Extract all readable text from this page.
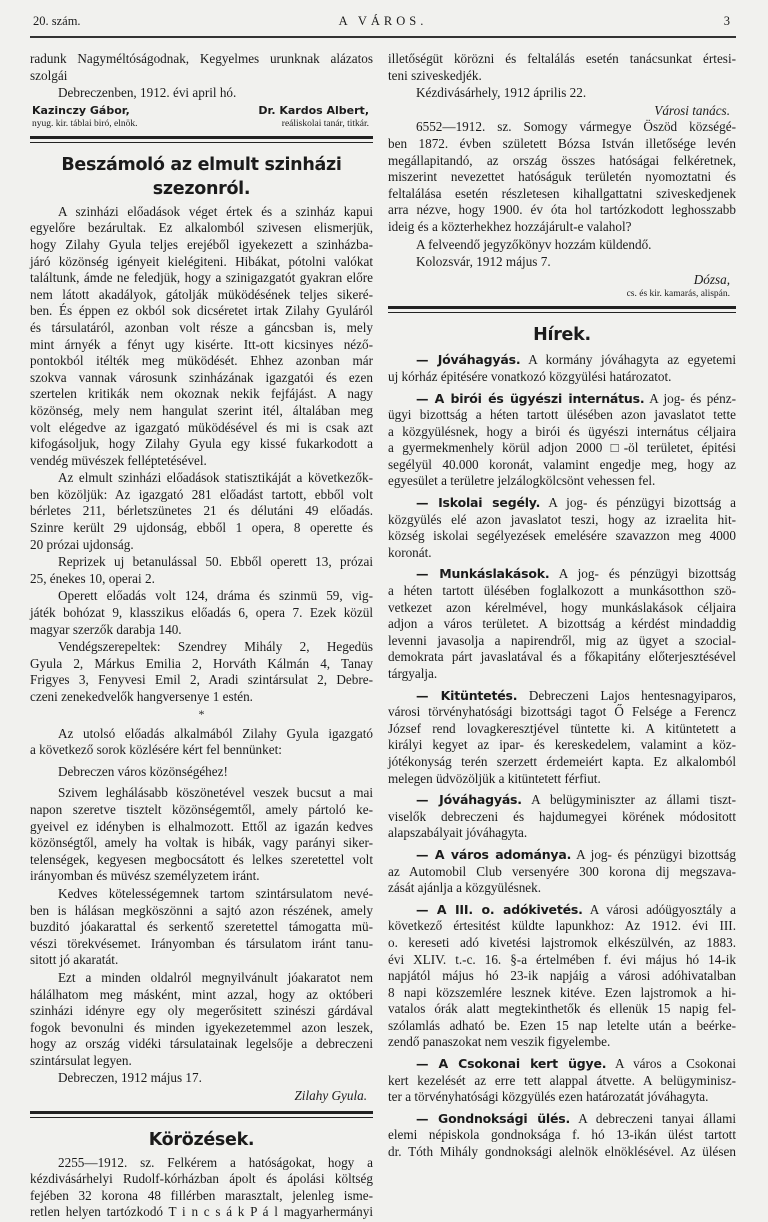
20. szám.	A VÁROS.	3
radunk Nagyméltóságodnak, Kegyelmes urunknak alázatos
szolgái
Debreczenben, 1912. évi april hó.
Kazinczy Gábor,
nyug. kir. táblai biró, elnök.
Dr. Kardos Albert,
reáliskolai tanár, titkár.
Beszámoló az elmult szinházi szezonról.
A szinházi előadások véget értek és a szinház kapui
egyelőre bezárultak. Ez alkalomból szivesen elismerjük,
hogy Zilahy Gyula teljes erejéből igyekezett a szinházba-
járó közönség igényeit kielégiteni. Hibákat, pótolni valókat
találtunk, ámde ne feledjük, hogy a szinigazgatót gyakran előre
nem látott akadályok, gátolják müködésének teljes sikeré-
ben. És éppen ez okból sok dicséretet irtak Zilahy Gyuláról
és társulatáról, azonban volt része a gáncsban is, mely
mint árnyék a fényt ugy kisérte. Itt-ott kicsinyes néző-
pontokból itélték meg müködését. Ehhez azonban már
szokva vannak városunk szinházának igazgatói és ezen
szertelen kritikák nem okoznak nekik fejfájást. A nagy
közönség, mely nem hangulat szerint itél, általában meg
volt elégedve az igazgató müködésével és mi is csak azt
kifogásoljuk, hogy Zilahy Gyula egy kissé fukarkodott a
vendég müvészek felléptetésével.
Az elmult szinházi előadások statisztikáját a következők-
ben közöljük: Az igazgató 281 előadást tartott, ebből volt
bérletes 211, bérletszünetes 21 és délutáni 49 előadás.
Szinre került 29 ujdonság, ebből 1 opera, 8 operette és
20 prózai ujdonság.
Reprizek uj betanulással 50. Ebből operett 13, prózai
25, énekes 10, operai 2.
Operett előadás volt 124, dráma és szinmü 59, vig-
játék bohózat 9, klasszikus előadás 6, opera 7. Ezek közül
magyar szerzők darabja 140.
Vendégszerepeltek: Szendrey Mihály 2, Hegedüs
Gyula 2, Márkus Emilia 2, Horváth Kálmán 4, Tanay
Frigyes 3, Fenyvesi Emil 2, Aradi szintársulat 2, Debre-
czeni zenekedvelők hangversenye 1 estén.
*
Az utolsó előadás alkalmából Zilahy Gyula igazgató
a következő sorok közlésére kért fel bennünket:
Debreczen város közönségéhez!
Szivem leghálásabb köszönetével veszek bucsut a mai
napon szeretve tisztelt közönségemtől, amely pártoló ke-
gyeivel ez idényben is elhalmozott. Ettől az igazán kedves
közönségtől, amely ha voltak is hibák, vagy parányi siker-
telenségek, kegyesen megbocsátott és lelkes szeretettel volt
irányomban és müvész személyzetem iránt.
Kedves kötelességemnek tartom szintársulatom nevé-
ben is hálásan megköszönni a sajtó azon részének, amely
buzditó jóakarattal és serkentő szeretettel támogatta mü-
vészi törekvésemet. Irányomban és társulatom iránt tanu-
sitott jó akaratát.
Ezt a minden oldalról megnyilvánult jóakaratot nem
hálálhatom meg másként, mint azzal, hogy az októberi
szinházi idényre egy oly megerősitett szinészi gárdával
fogok bevonulni és minden igyekezetemmel azon leszek,
hogy az ország vidéki társulatainak legelsője a debreczeni
szintársulat legyen.
Debreczen, 1912 május 17.
Zilahy Gyula.
Körözések.
2255—1912. sz. Felkérem a hatóságokat, hogy a
kézdivásárhelyi Rudolf-kórházban ápolt és ápolási költség
fejében 32 korona 48 fillérben marasztalt, jelenleg isme-
retlen helyen tartózkodó T i n c s á k P á l magyarhermányi
illetőségüt körözni és feltalálás esetén tanácsunkat értesi-
teni sziveskedjék.
Kézdivásárhely, 1912 április 22.
Városi tanács.
6552—1912. sz. Somogy vármegye Öszöd községé-
ben 1872. évben született Bózsa István illetősége levén
megállapitandó, az ország összes hatóságai felkéretnek,
miszerint nevezettet hatóságuk területén nyomoztatni és
feltalálása esetén részletesen kihallgattatni sziveskedjenek
arra nézve, hogy 1900. év óta hol tartózkodott leghosszabb
ideig és a közterhekhez hozzájárult-e valahol?
A felveendő jegyzőkönyv hozzám küldendő.
Kolozsvár, 1912 május 7.
Dózsa,
cs. és kir. kamarás, alispán.
Hírek.
— Jóváhagyás. A kormány jóváhagyta az egyetemi
uj kórház épitésére vonatkozó közgyülési határozatot.
— A birói és ügyészi internátus. A jog- és pénz-
ügyi bizottság a héten tartott ülésében azon javaslatot tette
a közgyülésnek, hogy a birói és ügyészi internátus céljaira
a gyermekmenhely körül adjon 2000 □-öl területet, épitési
segélyül 40.000 koronát, valamint engedje meg, hogy az
egyesület a területre jelzálogkölcsönt vehessen fel.
— Iskolai segély. A jog- és pénzügyi bizottság a
közgyülés elé azon javaslatot teszi, hogy az izraelita hit-
község iskolai segélyezések emelésére szavazzon meg 4000
koronát.
— Munkáslakások. A jog- és pénzügyi bizottság
a héten tartott ülésében foglalkozott a munkásotthon szö-
vetkezet azon kérelmével, hogy munkáslakások céljaira
adjon a város területet. A bizottság a kérdést mindaddig
levenni javasolja a napirendről, mig az ügyet a szocial-
demokrata párt javaslatával és a főkapitány előterjesztésével
tárgyalja.
— Kitüntetés. Debreczeni Lajos hentesnagyiparos,
városi törvényhatósági bizottsági tagot Ő Felsége a Ferencz
József rend lovagkeresztjével tüntette ki. A kitüntetett a
királyi kegyet az ipar- és kereskedelem, valamint a köz-
jótékonyság terén szerzett érdemeiért kapta. Ez alkalomból
melegen üdvözöljük a kitüntetett férfiut.
— Jóváhagyás. A belügyminiszter az állami tiszt-
viselők debreczeni és hajdumegyei körének módositott
alapszabályait jóváhagyta.
— A város adománya. A jog- és pénzügyi bizottság
az Automobil Club versenyére 300 korona dij megszava-
zását ajánlja a közgyülésnek.
— A III. o. adókivetés. A városi adóügyosztály a
következő értesitést küldte lapunkhoz: Az 1912. évi III.
o. kereseti adó kivetési lajstromok elkészülvén, az 1883.
évi XLIV. t.-c. 16. §-a értelmében f. évi május hó 14-ik
napjától május hó 23-ik napjáig a városi adóhivatalban
8 napi közszemlére lesznek kitéve. Ezen lajstromok a hi-
vatalos órák alatt megtekinthetők és ellenük 15 napig fel-
szólamlás adható be. Ezen 15 nap letelte után a beérke-
zendő panaszokat nem veszik figyelembe.
— A Csokonai kert ügye. A város a Csokonai
kert kezelését az erre tett alappal átvette. A belügyminisz-
ter a törvényhatósági közgyülés ezen határozatát jóváhagyta.
— Gondnoksági ülés. A debreczeni tanyai állami
elemi népiskola gondnoksága f. hó 13-ikán ülést tartott
dr. Tóth Mihály gondnoksági alelnök elnöklésével. Az ülésen
